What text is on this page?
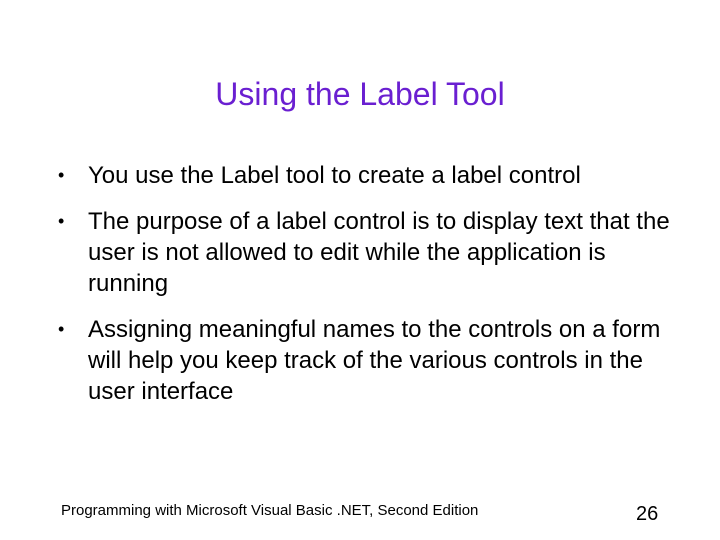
Using the Label Tool
• You use the Label tool to create a label control
• The purpose of a label control is to display text that the user is not allowed to edit while the application is running
• Assigning meaningful names to the controls on a form will help you keep track of the various controls in the user interface
Programming with Microsoft Visual Basic .NET, Second Edition	26
